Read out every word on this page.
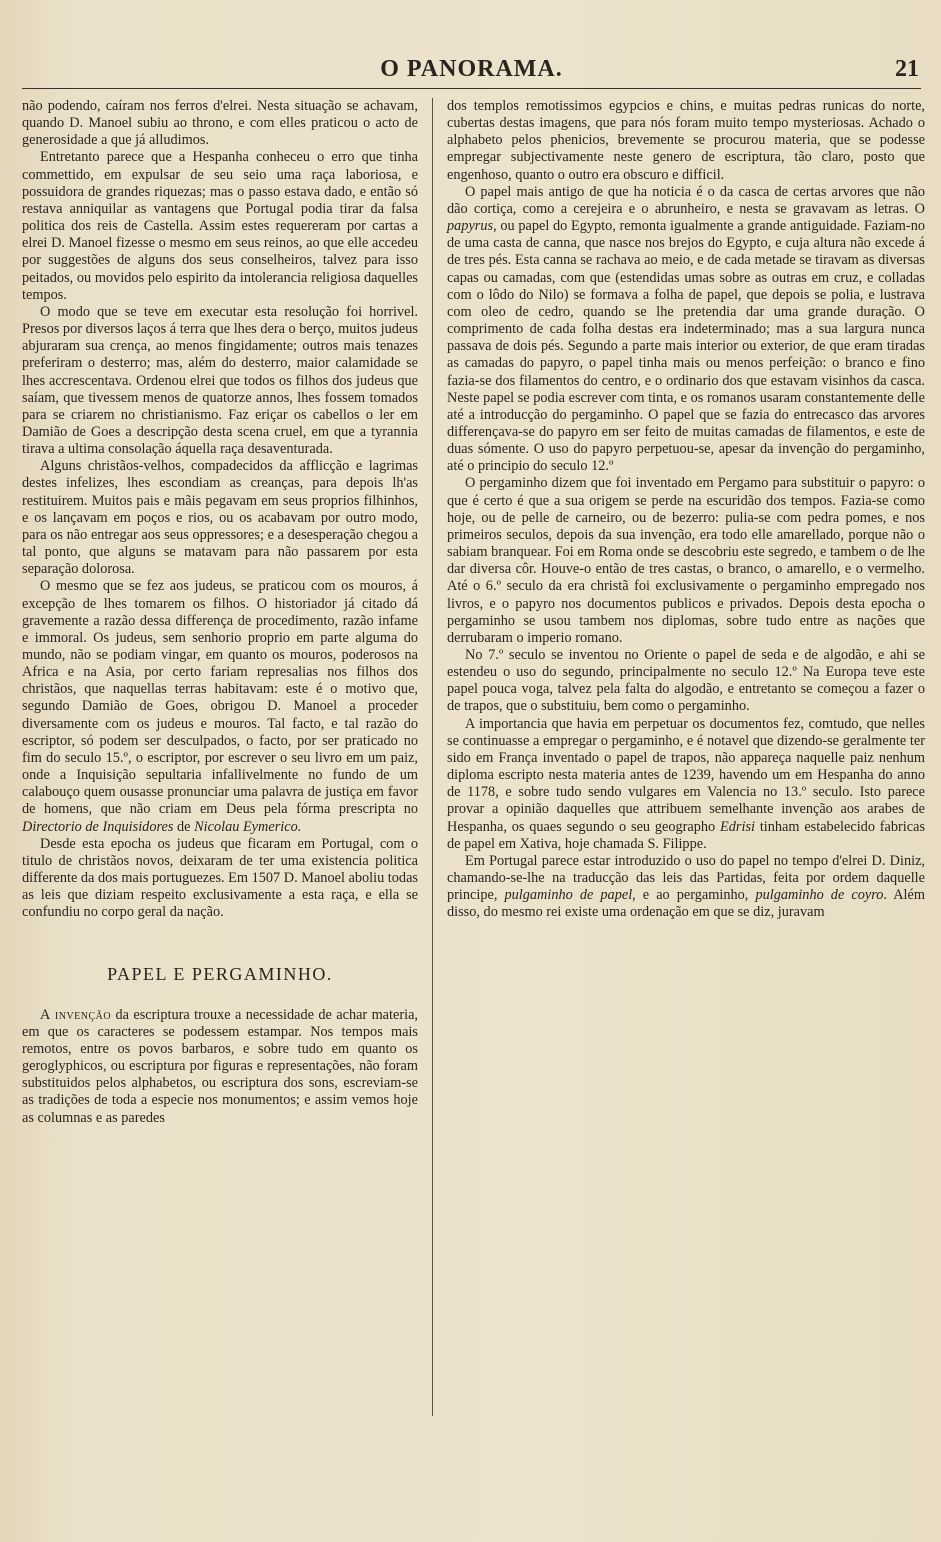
O PANORAMA.	21

não podendo, caíram nos ferros d'elrei. Nesta situação se achavam, quando D. Manoel subiu ao throno, e com elles praticou o acto de generosidade a que já alludimos.

Entretanto parece que a Hespanha conheceu o erro que tinha commettido, em expulsar de seu seio uma raça laboriosa, e possuidora de grandes riquezas; mas o passo estava dado, e então só restava anniquilar as vantagens que Portugal podia tirar da falsa politica dos reis de Castella. Assim estes requereram por cartas a elrei D. Manoel fizesse o mesmo em seus reinos, ao que elle accedeu por suggestões de alguns dos seus conselheiros, talvez para isso peitados, ou movidos pelo espirito da intolerancia religiosa daquelles tempos.

O modo que se teve em executar esta resolução foi horrivel. Presos por diversos laços á terra que lhes dera o berço, muitos judeus abjuraram sua crença, ao menos fingidamente; outros mais tenazes preferiram o desterro; mas, além do desterro, maior calamidade se lhes accrescentava. Ordenou elrei que todos os filhos dos judeus que saíam, que tivessem menos de quatorze annos, lhes fossem tomados para se criarem no christianismo. Faz eriçar os cabellos o ler em Damião de Goes a descripção desta scena cruel, em que a tyrannia tirava a ultima consolação áquella raça desaventurada.

Alguns christãos-velhos, compadecidos da afflicção e lagrimas destes infelizes, lhes escondiam as creanças, para depois lh'as restituirem. Muitos pais e mãis pegavam em seus proprios filhinhos, e os lançavam em poços e rios, ou os acabavam por outro modo, para os não entregar aos seus oppressores; e a desesperação chegou a tal ponto, que alguns se matavam para não passarem por esta separação dolorosa.

O mesmo que se fez aos judeus, se praticou com os mouros, á excepção de lhes tomarem os filhos. O historiador já citado dá gravemente a razão dessa differença de procedimento, razão infame e immoral. Os judeus, sem senhorio proprio em parte alguma do mundo, não se podiam vingar, em quanto os mouros, poderosos na Africa e na Asia, por certo fariam represalias nos filhos dos christãos, que naquellas terras habitavam: este é o motivo que, segundo Damião de Goes, obrigou D. Manoel a proceder diversamente com os judeus e mouros. Tal facto, e tal razão do escriptor, só podem ser desculpados, o facto, por ser praticado no fim do seculo 15.º, o escriptor, por escrever o seu livro em um paiz, onde a Inquisição sepultaria infallivelmente no fundo de um calabouço quem ousasse pronunciar uma palavra de justiça em favor de homens, que não criam em Deus pela fórma prescripta no Directorio de Inquisidores de Nicolau Eymerico.

Desde esta epocha os judeus que ficaram em Portugal, com o titulo de christãos novos, deixaram de ter uma existencia politica differente da dos mais portuguezes. Em 1507 D. Manoel aboliu todas as leis que diziam respeito exclusivamente a esta raça, e ella se confundiu no corpo geral da nação.

PAPEL E PERGAMINHO.

A invenção da escriptura trouxe a necessidade de achar materia, em que os caracteres se podessem estampar. Nos tempos mais remotos, entre os povos barbaros, e sobre tudo em quanto os geroglyphicos, ou escriptura por figuras e representações, não foram substituidos pelos alphabetos, ou escriptura dos sons, escreviam-se as tradições de toda a especie nos monumentos; e assim vemos hoje as columnas e as paredes

dos templos remotissimos egypcios e chins, e muitas pedras runicas do norte, cubertas destas imagens, que para nós foram muito tempo mysteriosas. Achado o alphabeto pelos phenicios, brevemente se procurou materia, que se podesse empregar subjectivamente neste genero de escriptura, tão claro, posto que engenhoso, quanto o outro era obscuro e difficil.

O papel mais antigo de que ha noticia é o da casca de certas arvores que não dão cortiça, como a cerejeira e o abrunheiro, e nesta se gravavam as letras. O papyrus, ou papel do Egypto, remonta igualmente a grande antiguidade. Faziam-no de uma casta de canna, que nasce nos brejos do Egypto, e cuja altura não excede á de tres pés. Esta canna se rachava ao meio, e de cada metade se tiravam as diversas capas ou camadas, com que (estendidas umas sobre as outras em cruz, e colladas com o lôdo do Nilo) se formava a folha de papel, que depois se polia, e lustrava com oleo de cedro, quando se lhe pretendia dar uma grande duração. O comprimento de cada folha destas era indeterminado; mas a sua largura nunca passava de dois pés. Segundo a parte mais interior ou exterior, de que eram tiradas as camadas do papyro, o papel tinha mais ou menos perfeição: o branco e fino fazia-se dos filamentos do centro, e o ordinario dos que estavam visinhos da casca. Neste papel se podia escrever com tinta, e os romanos usaram constantemente delle até a introducção do pergaminho. O papel que se fazia do entrecasco das arvores differençava-se do papyro em ser feito de muitas camadas de filamentos, e este de duas sómente. O uso do papyro perpetuou-se, apesar da invenção do pergaminho, até o principio do seculo 12.º

O pergaminho dizem que foi inventado em Pergamo para substituir o papyro: o que é certo é que a sua origem se perde na escuridão dos tempos. Fazia-se como hoje, ou de pelle de carneiro, ou de bezerro: pulia-se com pedra pomes, e nos primeiros seculos, depois da sua invenção, era todo elle amarellado, porque não o sabiam branquear. Foi em Roma onde se descobriu este segredo, e tambem o de lhe dar diversa côr. Houve-o então de tres castas, o branco, o amarello, e o vermelho. Até o 6.º seculo da era christã foi exclusivamente o pergaminho empregado nos livros, e o papyro nos documentos publicos e privados. Depois desta epocha o pergaminho se usou tambem nos diplomas, sobre tudo entre as nações que derrubaram o imperio romano.

No 7.º seculo se inventou no Oriente o papel de seda e de algodão, e ahi se estendeu o uso do segundo, principalmente no seculo 12.º Na Europa teve este papel pouca voga, talvez pela falta do algodão, e entretanto se começou a fazer o de trapos, que o substituiu, bem como o pergaminho.

A importancia que havia em perpetuar os documentos fez, comtudo, que nelles se continuasse a empregar o pergaminho, e é notavel que dizendo-se geralmente ter sido em França inventado o papel de trapos, não appareça naquelle paiz nenhum diploma escripto nesta materia antes de 1239, havendo um em Hespanha do anno de 1178, e sobre tudo sendo vulgares em Valencia no 13.º seculo. Isto parece provar a opinião daquelles que attribuem semelhante invenção aos arabes de Hespanha, os quaes segundo o seu geographo Edrisi tinham estabelecido fabricas de papel em Xativa, hoje chamada S. Filippe.

Em Portugal parece estar introduzido o uso do papel no tempo d'elrei D. Diniz, chamando-se-lhe na traducção das leis das Partidas, feita por ordem daquelle principe, pulgaminho de papel, e ao pergaminho, pulgaminho de coyro. Além disso, do mesmo rei existe uma ordenação em que se diz, juravam
